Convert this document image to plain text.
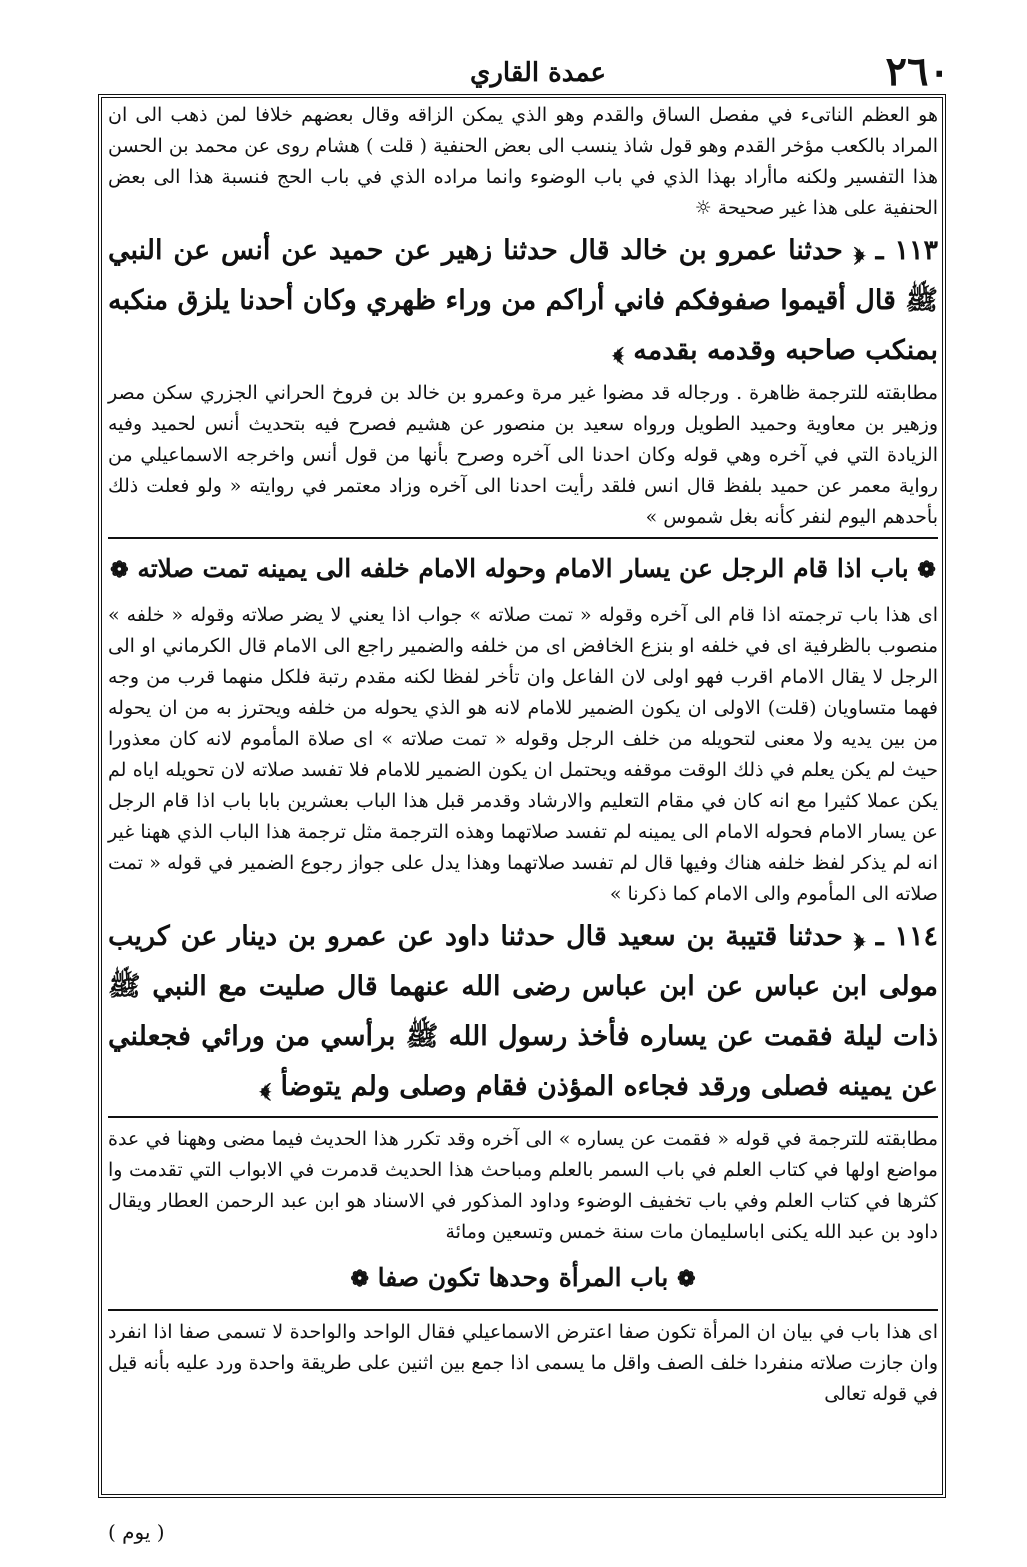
٢٦٠
عمدة القاري

هو العظم الناتىء في مفصل الساق والقدم وهو الذي يمكن الزاقه وقال بعضهم خلافا لمن ذهب الى ان المراد بالكعب مؤخر القدم وهو قول شاذ ينسب الى بعض الحنفية ( قلت ) هشام روى عن محمد بن الحسن هذا التفسير ولكنه ماأراد بهذا الذي في باب الوضوء وانما مراده الذي في باب الحج فنسبة هذا الى بعض الحنفية على هذا غير صحيحة ☼

١١٣ ـ ﴿ حدثنا عمرو بن خالد قال حدثنا زهير عن حميد عن أنس عن النبي ﷺ قال أقيموا صفوفكم فاني أراكم من وراء ظهري وكان أحدنا يلزق منكبه بمنكب صاحبه وقدمه بقدمه ﴾

مطابقته للترجمة ظاهرة . ورجاله قد مضوا غير مرة وعمرو بن خالد بن فروخ الحراني الجزري سكن مصر وزهير بن معاوية وحميد الطويل ورواه سعيد بن منصور عن هشيم فصرح فيه بتحديث أنس لحميد وفيه الزيادة التي في آخره وهي قوله وكان احدنا الى آخره وصرح بأنها من قول أنس واخرجه الاسماعيلي من رواية معمر عن حميد بلفظ قال انس فلقد رأيت احدنا الى آخره وزاد معتمر في روايته « ولو فعلت ذلك بأحدهم اليوم لنفر كأنه بغل شموس »

❁ باب اذا قام الرجل عن يسار الامام وحوله الامام خلفه الى يمينه تمت صلاته ❁

اى هذا باب ترجمته اذا قام الى آخره وقوله « تمت صلاته » جواب اذا يعني لا يضر صلاته وقوله « خلفه » منصوب بالظرفية اى في خلفه او بنزع الخافض اى من خلفه والضمير راجع الى الامام قال الكرماني او الى الرجل لا يقال الامام اقرب فهو اولى لان الفاعل وان تأخر لفظا لكنه مقدم رتبة فلكل منهما قرب من وجه فهما متساويان (قلت) الاولى ان يكون الضمير للامام لانه هو الذي يحوله من خلفه ويحترز به من ان يحوله من بين يديه ولا معنى لتحويله من خلف الرجل وقوله « تمت صلاته » اى صلاة المأموم لانه كان معذورا حيث لم يكن يعلم في ذلك الوقت موقفه ويحتمل ان يكون الضمير للامام فلا تفسد صلاته لان تحويله اياه لم يكن عملا كثيرا مع انه كان في مقام التعليم والارشاد وقدمر قبل هذا الباب بعشرين بابا باب اذا قام الرجل عن يسار الامام فحوله الامام الى يمينه لم تفسد صلاتهما وهذه الترجمة مثل ترجمة هذا الباب الذي ههنا غير انه لم يذكر لفظ خلفه هناك وفيها قال لم تفسد صلاتهما وهذا يدل على جواز رجوع الضمير في قوله « تمت صلاته الى المأموم والى الامام كما ذكرنا »

١١٤ ـ ﴿ حدثنا قتيبة بن سعيد قال حدثنا داود عن عمرو بن دينار عن كريب مولى ابن عباس عن ابن عباس رضى الله عنهما قال صليت مع النبي ﷺ ذات ليلة فقمت عن يساره فأخذ رسول الله ﷺ برأسي من ورائي فجعلني عن يمينه فصلى ورقد فجاءه المؤذن فقام وصلى ولم يتوضأ ﴾

مطابقته للترجمة في قوله « فقمت عن يساره » الى آخره وقد تكرر هذا الحديث فيما مضى وههنا في عدة مواضع اولها في كتاب العلم في باب السمر بالعلم ومباحث هذا الحديث قدمرت في الابواب التي تقدمت وا كثرها في كتاب العلم وفي باب تخفيف الوضوء وداود المذكور في الاسناد هو ابن عبد الرحمن العطار ويقال داود بن عبد الله يكنى اباسليمان مات سنة خمس وتسعين ومائة

❁ باب المرأة وحدها تكون صفا ❁

اى هذا باب في بيان ان المرأة تكون صفا اعترض الاسماعيلي فقال الواحد والواحدة لا تسمى صفا اذا انفرد وان جازت صلاته منفردا خلف الصف واقل ما يسمى اذا جمع بين اثنين على طريقة واحدة ورد عليه بأنه قيل في قوله تعالى

( يوم )
